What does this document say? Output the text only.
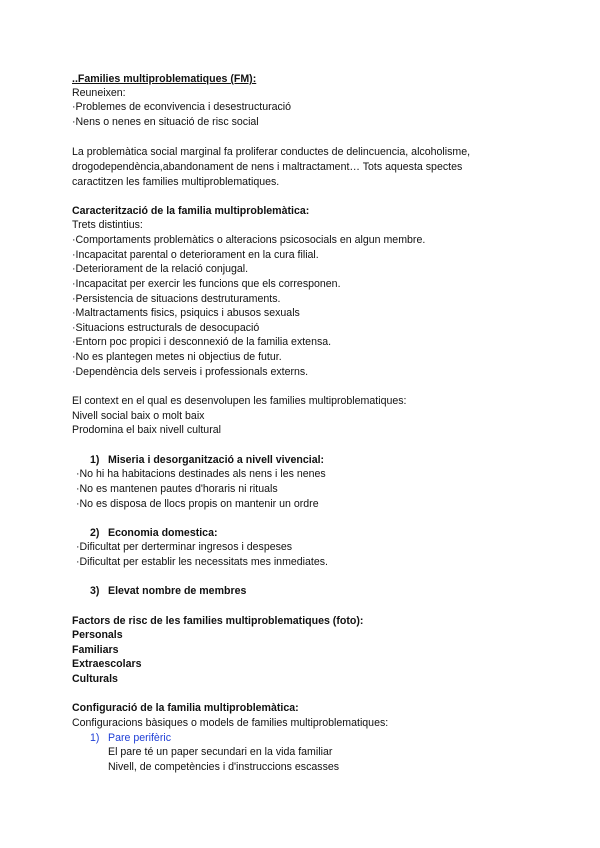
..Families multiproblematiques (FM):
Reuneixen:
·Problemes de econvivencia i desestructuració
·Nens o nenes en situació de risc social
La problemàtica social marginal fa proliferar conductes de delincuencia, alcoholisme,
drogodependència,abandonament de nens i maltractament… Tots aquesta spectes
caractitzen les families multiproblematiques.
Caracterització de la familia multiproblemàtica:
Trets distintius:
·Comportaments problemàtics o alteracions psicosocials en algun membre.
·Incapacitat parental o deteriorament en la cura filial.
·Deteriorament de la relació conjugal.
·Incapacitat per exercir les funcions que els corresponen.
·Persistencia de situacions destruturaments.
·Maltractaments fisics, psiquics i abusos sexuals
·Situacions estructurals de desocupació
·Entorn poc propici i desconnexió de la familia extensa.
·No es plantegen metes ni objectius de futur.
·Dependència dels serveis i professionals externs.
El context en el qual es desenvolupen les families multiproblematiques:
Nivell social baix o molt baix
Prodomina el baix nivell cultural
1) Miseria i desorganització a nivell vivencial:
·No hi ha habitacions destinades als nens i les nenes
·No es mantenen pautes d'horaris ni rituals
·No es disposa de llocs propis on mantenir un ordre
2) Economia domestica:
·Dificultat per derterminar ingresos i despeses
·Dificultat per establir les necessitats mes inmediates.
3) Elevat nombre de membres
Factors de risc de les families multiproblematiques (foto):
Personals
Familiars
Extraescolars
Culturals
Configuració de la familia multiproblemàtica:
Configuracions bàsiques o models de families multiproblematiques:
1) Pare perifèric
El pare té un paper secundari en la vida familiar
Nivell, de competències i d'instruccions escasses
